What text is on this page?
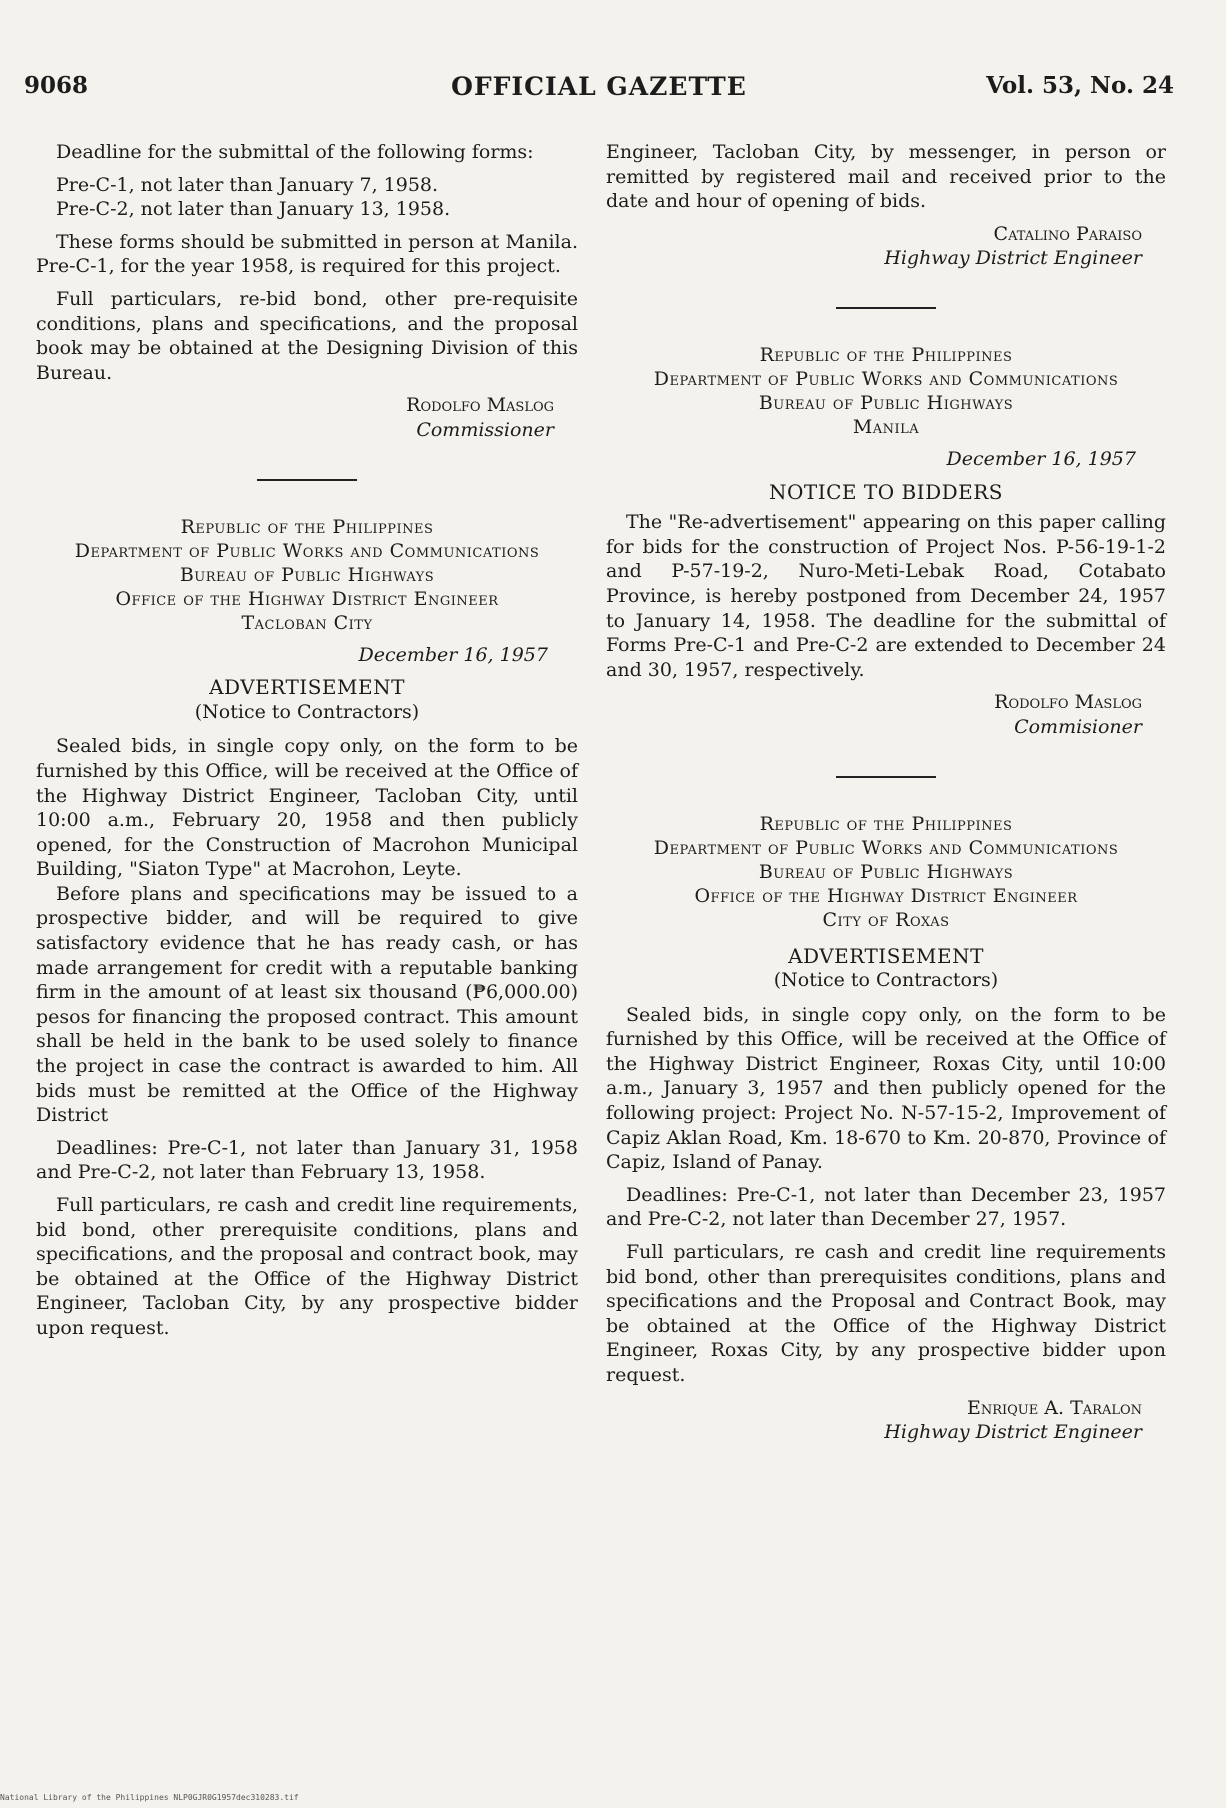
9068	OFFICIAL GAZETTE	Vol. 53, No. 24

Deadline for the submittal of the following forms:

Pre-C-1, not later than January 7, 1958.

Pre-C-2, not later than January 13, 1958.

These forms should be submitted in person at Manila. Pre-C-1, for the year 1958, is required for this project.

Full particulars, re-bid bond, other pre-requisite conditions, plans and specifications, and the proposal book may be obtained at the Designing Division of this Bureau.

Rodolfo Maslog

Commissioner

Republic of the Philippines

Department of Public Works and Communications

Bureau of Public Highways

Office of the Highway District Engineer

Tacloban City

December 16, 1957

ADVERTISEMENT

(Notice to Contractors)

Sealed bids, in single copy only, on the form to be furnished by this Office, will be received at the Office of the Highway District Engineer, Tacloban City, until 10:00 a.m., February 20, 1958 and then publicly opened, for the Construction of Macrohon Municipal Building, "Siaton Type" at Macrohon, Leyte.

Before plans and specifications may be issued to a prospective bidder, and will be required to give satisfactory evidence that he has ready cash, or has made arrangement for credit with a reputable banking firm in the amount of at least six thousand (₱6,000.00) pesos for financing the proposed contract. This amount shall be held in the bank to be used solely to finance the project in case the contract is awarded to him. All bids must be remitted at the Office of the Highway District

Deadlines: Pre-C-1, not later than January 31, 1958 and Pre-C-2, not later than February 13, 1958.

Full particulars, re cash and credit line requirements, bid bond, other prerequisite conditions, plans and specifications, and the proposal and contract book, may be obtained at the Office of the Highway District Engineer, Tacloban City, by any prospective bidder upon request.

Engineer, Tacloban City, by messenger, in person or remitted by registered mail and received prior to the date and hour of opening of bids.

Catalino Paraiso

Highway District Engineer

Republic of the Philippines

Department of Public Works and Communications

Bureau of Public Highways

Manila

December 16, 1957

NOTICE TO BIDDERS

The "Re-advertisement" appearing on this paper calling for bids for the construction of Project Nos. P-56-19-1-2 and P-57-19-2, Nuro-Meti-Lebak Road, Cotabato Province, is hereby postponed from December 24, 1957 to January 14, 1958. The deadline for the submittal of Forms Pre-C-1 and Pre-C-2 are extended to December 24 and 30, 1957, respectively.

Rodolfo Maslog

Commisioner

Republic of the Philippines

Department of Public Works and Communications

Bureau of Public Highways

Office of the Highway District Engineer

City of Roxas

ADVERTISEMENT

(Notice to Contractors)

Sealed bids, in single copy only, on the form to be furnished by this Office, will be received at the Office of the Highway District Engineer, Roxas City, until 10:00 a.m., January 3, 1957 and then publicly opened for the following project: Project No. N-57-15-2, Improvement of Capiz Aklan Road, Km. 18-670 to Km. 20-870, Province of Capiz, Island of Panay.

Deadlines: Pre-C-1, not later than December 23, 1957 and Pre-C-2, not later than December 27, 1957.

Full particulars, re cash and credit line requirements bid bond, other than prerequisites conditions, plans and specifications and the Proposal and Contract Book, may be obtained at the Office of the Highway District Engineer, Roxas City, by any prospective bidder upon request.

Enrique A. Taralon

Highway District Engineer

National Library of the Philippines NLP0GJR0G1957dec310283.tif
